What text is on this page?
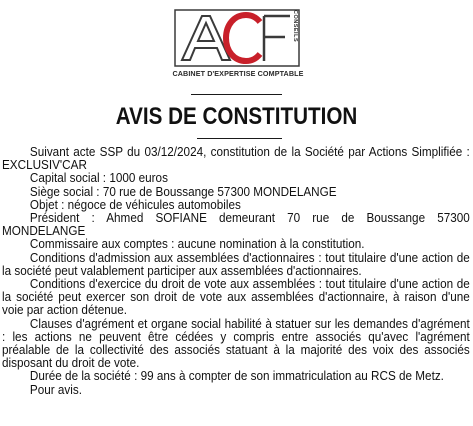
CONSEILS
CABINET D'EXPERTISE COMPTABLE
AVIS DE CONSTITUTION

Suivant acte SSP du 03/12/2024, constitution de la Société par Actions Simplifiée : EXCLUSIV'CAR

Capital social : 1000 euros

Siège social : 70 rue de Boussange 57300 MONDELANGE

Objet : négoce de véhicules automobiles

Président : Ahmed SOFIANE demeurant 70 rue de Boussange 57300 MONDELANGE

Commissaire aux comptes : aucune nomination à la constitution.

Conditions d'admission aux assemblées d'actionnaires : tout titulaire d'une action de la société peut valablement participer aux assemblées d'actionnaires.

Conditions d'exercice du droit de vote aux assemblées : tout titulaire d'une action de la société peut exercer son droit de vote aux assemblées d'actionnaire, à raison d'une voie par action détenue.

Clauses d'agrément et organe social habilité à statuer sur les demandes d'agrément : les actions ne peuvent être cédées y compris entre associés qu'avec l'agrément préalable de la collectivité des associés statuant à la majorité des voix des associés disposant du droit de vote.

Durée de la société : 99 ans à compter de son immatriculation au RCS de Metz.

Pour avis.
